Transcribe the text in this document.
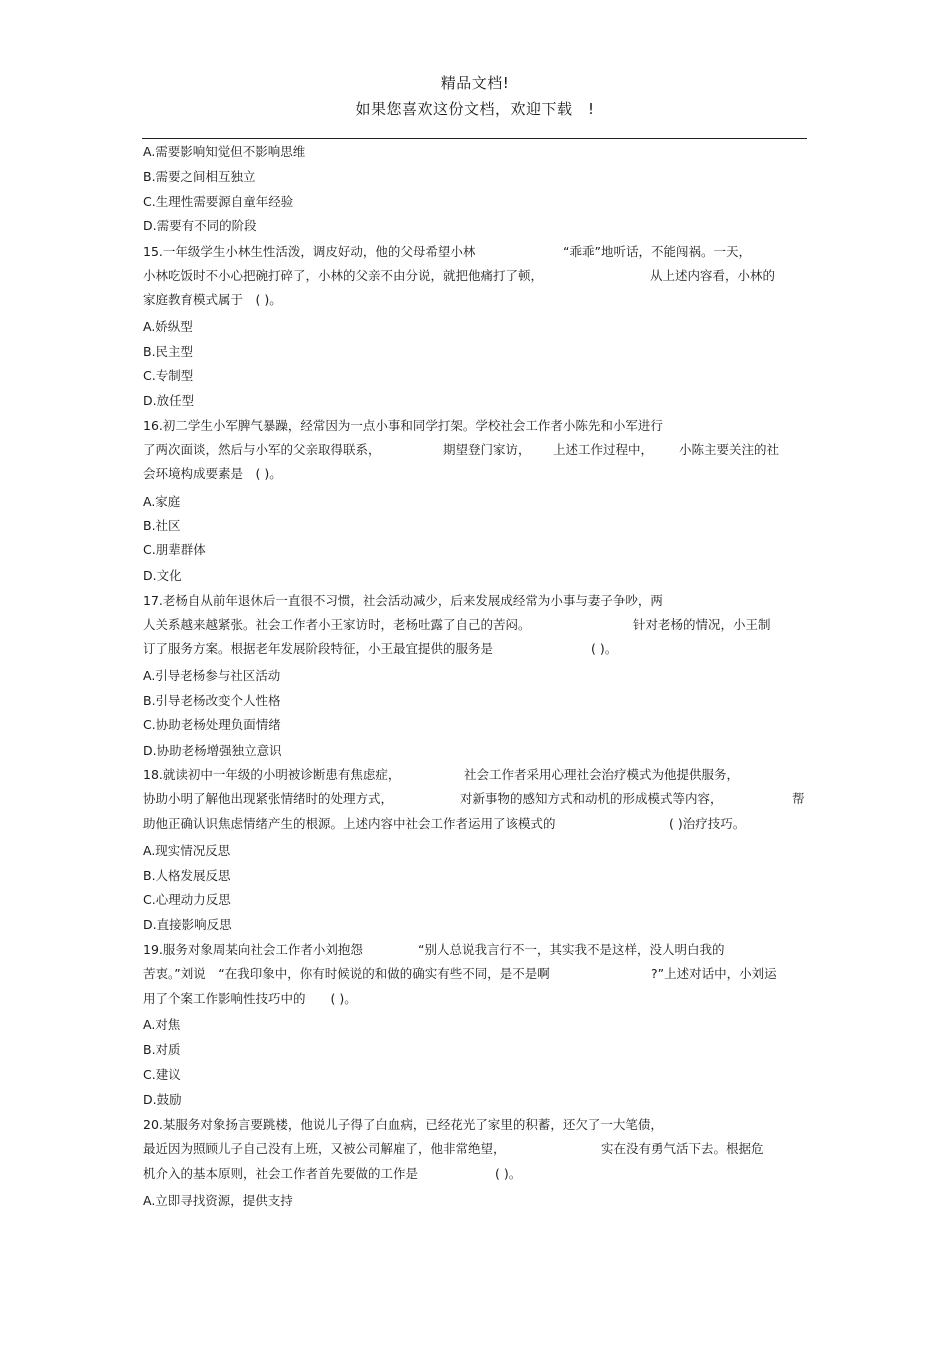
精品文档!
如果您喜欢这份文档，欢迎下载　!
A.需要影响知觉但不影响思维
B.需要之间相互独立
C.生理性需要源自童年经验
D.需要有不同的阶段
15.一年级学生小林生性活泼，调皮好动，他的父母希望小林	“乖乖”地听话，不能闯祸。一天，
小林吃饭时不小心把碗打碎了，小林的父亲不由分说，就把他痛打了顿，	从上述内容看，小林的
家庭教育模式属于　( )。
A.娇纵型
B.民主型
C.专制型
D.放任型
16.初二学生小军脾气暴躁，经常因为一点小事和同学打架。学校社会工作者小陈先和小军进行
了两次面谈，然后与小军的父亲取得联系，	期望登门家访， 上述工作过程中， 小陈主要关注的社
会环境构成要素是　( )。
A.家庭
B.社区
C.朋辈群体
D.文化
17.老杨自从前年退休后一直很不习惯，社会活动减少，后来发展成经常为小事与妻子争吵，两
人关系越来越紧张。社会工作者小王家访时，老杨吐露了自己的苦闷。	针对老杨的情况，小王制
订了服务方案。根据老年发展阶段特征，小王最宜提供的服务是	( )。
A.引导老杨参与社区活动
B.引导老杨改变个人性格
C.协助老杨处理负面情绪
D.协助老杨增强独立意识
18.就读初中一年级的小明被诊断患有焦虑症，	社会工作者采用心理社会治疗模式为他提供服务，
协助小明了解他出现紧张情绪时的处理方式，	对新事物的感知方式和动机的形成模式等内容，	帮
助他正确认识焦虑情绪产生的根源。上述内容中社会工作者运用了该模式的	( )治疗技巧。
A.现实情况反思
B.人格发展反思
C.心理动力反思
D.直接影响反思
19.服务对象周某向社会工作者小刘抱怨	“别人总说我言行不一，其实我不是这样，没人明白我的
苦衷。”刘说　“在我印象中，你有时候说的和做的确实有些不同，是不是啊	?”上述对话中，小刘运
用了个案工作影响性技巧中的　　( )。
A.对焦
B.对质
C.建议
D.鼓励
20.某服务对象扬言要跳楼，他说儿子得了白血病，已经花光了家里的积蓄，还欠了一大笔债，
最近因为照顾儿子自己没有上班，又被公司解雇了，他非常绝望，	实在没有勇气活下去。根据危
机介入的基本原则，社会工作者首先要做的工作是	( )。
A.立即寻找资源，提供支持
